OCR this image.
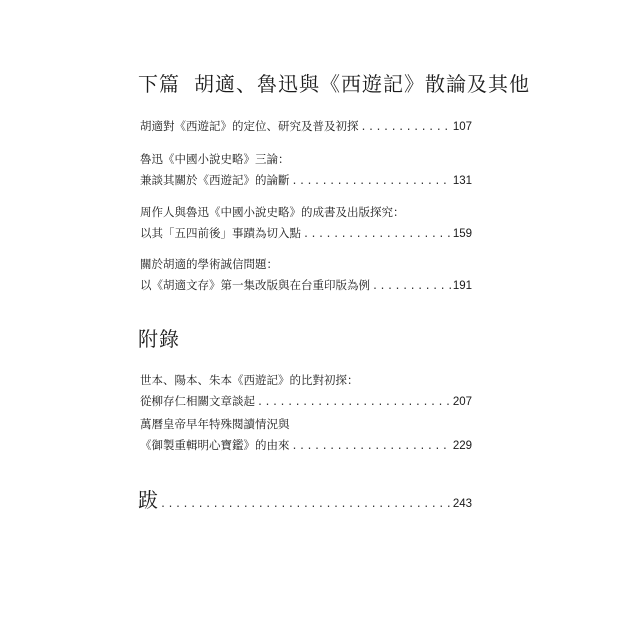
下篇 胡適、魯迅與《西遊記》散論及其他
胡適對《西遊記》的定位、研究及普及初探 .....	107
魯迅《中國小說史略》三論：
兼談其關於《西遊記》的論斷 .....	131
周作人與魯迅《中國小說史略》的成書及出版探究：
以其「五四前後」事蹟為切入點 .....	159
關於胡適的學術誠信問題：
以《胡適文存》第一集改版與在台重印版為例 .....	191
附錄
世本、陽本、朱本《西遊記》的比對初探：
從柳存仁相關文章談起 .....	207
萬曆皇帝早年特殊閱讀情況與
《御製重輯明心寶鑑》的由來 .....	229
跋 .....	243
